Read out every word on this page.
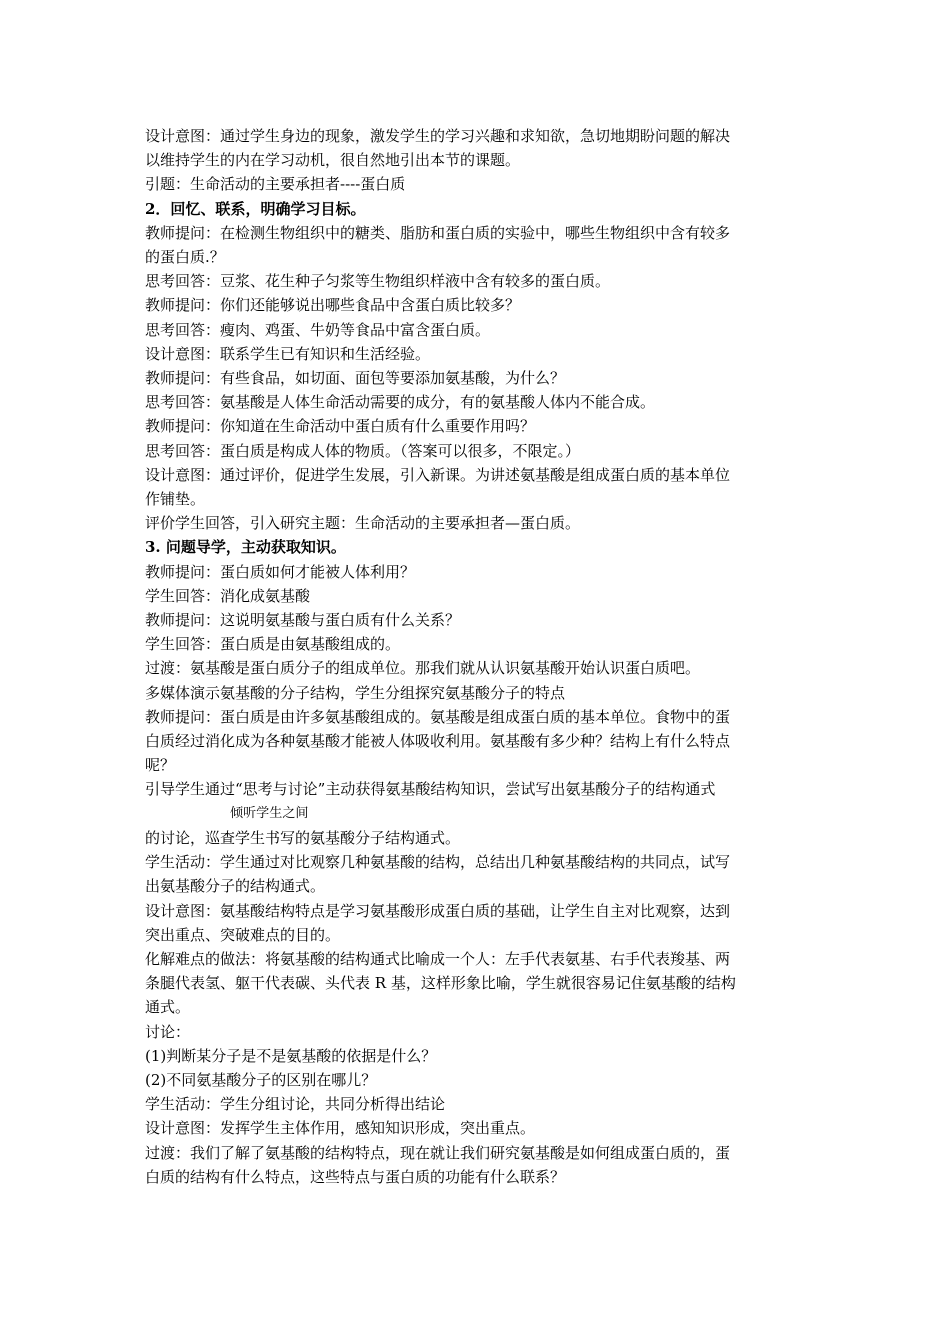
设计意图：通过学生身边的现象，激发学生的学习兴趣和求知欲，急切地期盼问题的解决

以维持学生的内在学习动机，很自然地引出本节的课题。

引题：生命活动的主要承担者----蛋白质

2．回忆、联系，明确学习目标。

教师提问：在检测生物组织中的糖类、脂肪和蛋白质的实验中，哪些生物组织中含有较多

的蛋白质.？

思考回答：豆浆、花生种子匀浆等生物组织样液中含有较多的蛋白质。

教师提问：你们还能够说出哪些食品中含蛋白质比较多？

思考回答：瘦肉、鸡蛋、牛奶等食品中富含蛋白质。

设计意图：联系学生已有知识和生活经验。

教师提问：有些食品，如切面、面包等要添加氨基酸，为什么？

思考回答：氨基酸是人体生命活动需要的成分，有的氨基酸人体内不能合成。

教师提问：你知道在生命活动中蛋白质有什么重要作用吗？

思考回答：蛋白质是构成人体的物质。（答案可以很多，不限定。）

设计意图：通过评价，促进学生发展，引入新课。为讲述氨基酸是组成蛋白质的基本单位

作铺垫。

评价学生回答，引入研究主题：生命活动的主要承担者—蛋白质。

3. 问题导学，主动获取知识。

教师提问：蛋白质如何才能被人体利用？

学生回答：消化成氨基酸

教师提问：这说明氨基酸与蛋白质有什么关系？

学生回答：蛋白质是由氨基酸组成的。

过渡：氨基酸是蛋白质分子的组成单位。那我们就从认识氨基酸开始认识蛋白质吧。

多媒体演示氨基酸的分子结构，学生分组探究氨基酸分子的特点

教师提问：蛋白质是由许多氨基酸组成的。氨基酸是组成蛋白质的基本单位。食物中的蛋

白质经过消化成为各种氨基酸才能被人体吸收利用。氨基酸有多少种？结构上有什么特点

呢？

引导学生通过“思考与讨论”主动获得氨基酸结构知识，尝试写出氨基酸分子的结构通式

倾听学生之间

的讨论，巡查学生书写的氨基酸分子结构通式。

学生活动：学生通过对比观察几种氨基酸的结构，总结出几种氨基酸结构的共同点，试写

出氨基酸分子的结构通式。

设计意图：氨基酸结构特点是学习氨基酸形成蛋白质的基础，让学生自主对比观察，达到

突出重点、突破难点的目的。

化解难点的做法：将氨基酸的结构通式比喻成一个人：左手代表氨基、右手代表羧基、两

条腿代表氢、躯干代表碳、头代表 R 基，这样形象比喻，学生就很容易记住氨基酸的结构

通式。

讨论：

(1)判断某分子是不是氨基酸的依据是什么？

(2)不同氨基酸分子的区别在哪儿？

学生活动：学生分组讨论，共同分析得出结论

设计意图：发挥学生主体作用，感知知识形成，突出重点。

过渡：我们了解了氨基酸的结构特点，现在就让我们研究氨基酸是如何组成蛋白质的，蛋

白质的结构有什么特点，这些特点与蛋白质的功能有什么联系？
